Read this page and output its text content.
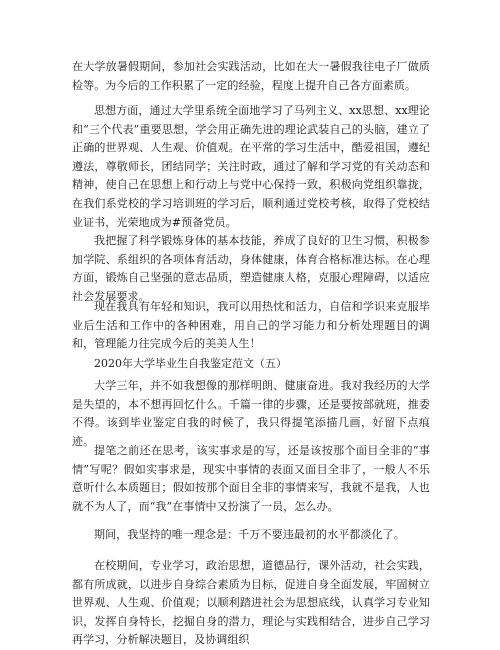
在大学放暑假期间，参加社会实践活动，比如在大一暑假我往电子厂做质检等。为今后的工作积累了一定的经验，程度上提升自己各方面素质。

思想方面，通过大学里系统全面地学习了马列主义、xx思想、xx理论和“三个代表”重要思想，学会用正确先进的理论武装自己的头脑，建立了正确的世界观、人生观、价值观。在平常的学习生活中，酷爱祖国，遵纪遵法，尊敬师长，团结同学；关注时政，通过了解和学习党的有关动态和精神，使自己在思想上和行动上与党中心保持一致，积极向党组织靠拢，在我们系党校的学习培训班的学习后，顺利通过党校考核，取得了党校结业证书，光荣地成为#预备党员。

我把握了科学锻炼身体的基本技能，养成了良好的卫生习惯，积极参加学院、系组织的各项体育活动，身体健康，体育合格标准达标。在心理方面，锻炼自己坚强的意志品质，塑造健康人格，克服心理障碍，以适应社会发展要求。

现在我具有年轻和知识，我可以用热忱和活力，自信和学识来克服毕业后生活和工作中的各种困难，用自己的学习能力和分析处理题目的调和，管理能力往完成今后的美美人生！

2020年大学毕业生自我鉴定范文（五）

大学三年，并不如我想像的那样明朗、健康奋进。我对我经历的大学是失望的，本不想再回忆什么。千篇一律的步骤，还是要按部就班，推委不得。该到毕业鉴定自我的时候了，我只得提笔添描几画，好留下点痕迹。

提笔之前还在思考，该实事求是的写，还是该按那个面目全非的“事情”写呢？假如实事求是，现实中事情的表面又面目全非了，一般人不乐意听什么本质题目；假如按那个面目全非的事情来写，我就不是我，人也就不为人了，而“我”在事情中又扮演了一员，怎么办。

期间，我坚持的唯一理念是：千万不要违最初的水平都淡化了。

在校期间，专业学习，政治思想，道德品行，课外活动，社会实践，都有所成就，以进步自身综合素质为目标，促进自身全面发展，牢固树立世界观、人生观、价值观；以顺利踏进社会为思想底线，认真学习专业知识，发挥自身特长，挖掘自身的潜力，理论与实践相结合，进步自己学习再学习，分析解决题目，及协调组织
